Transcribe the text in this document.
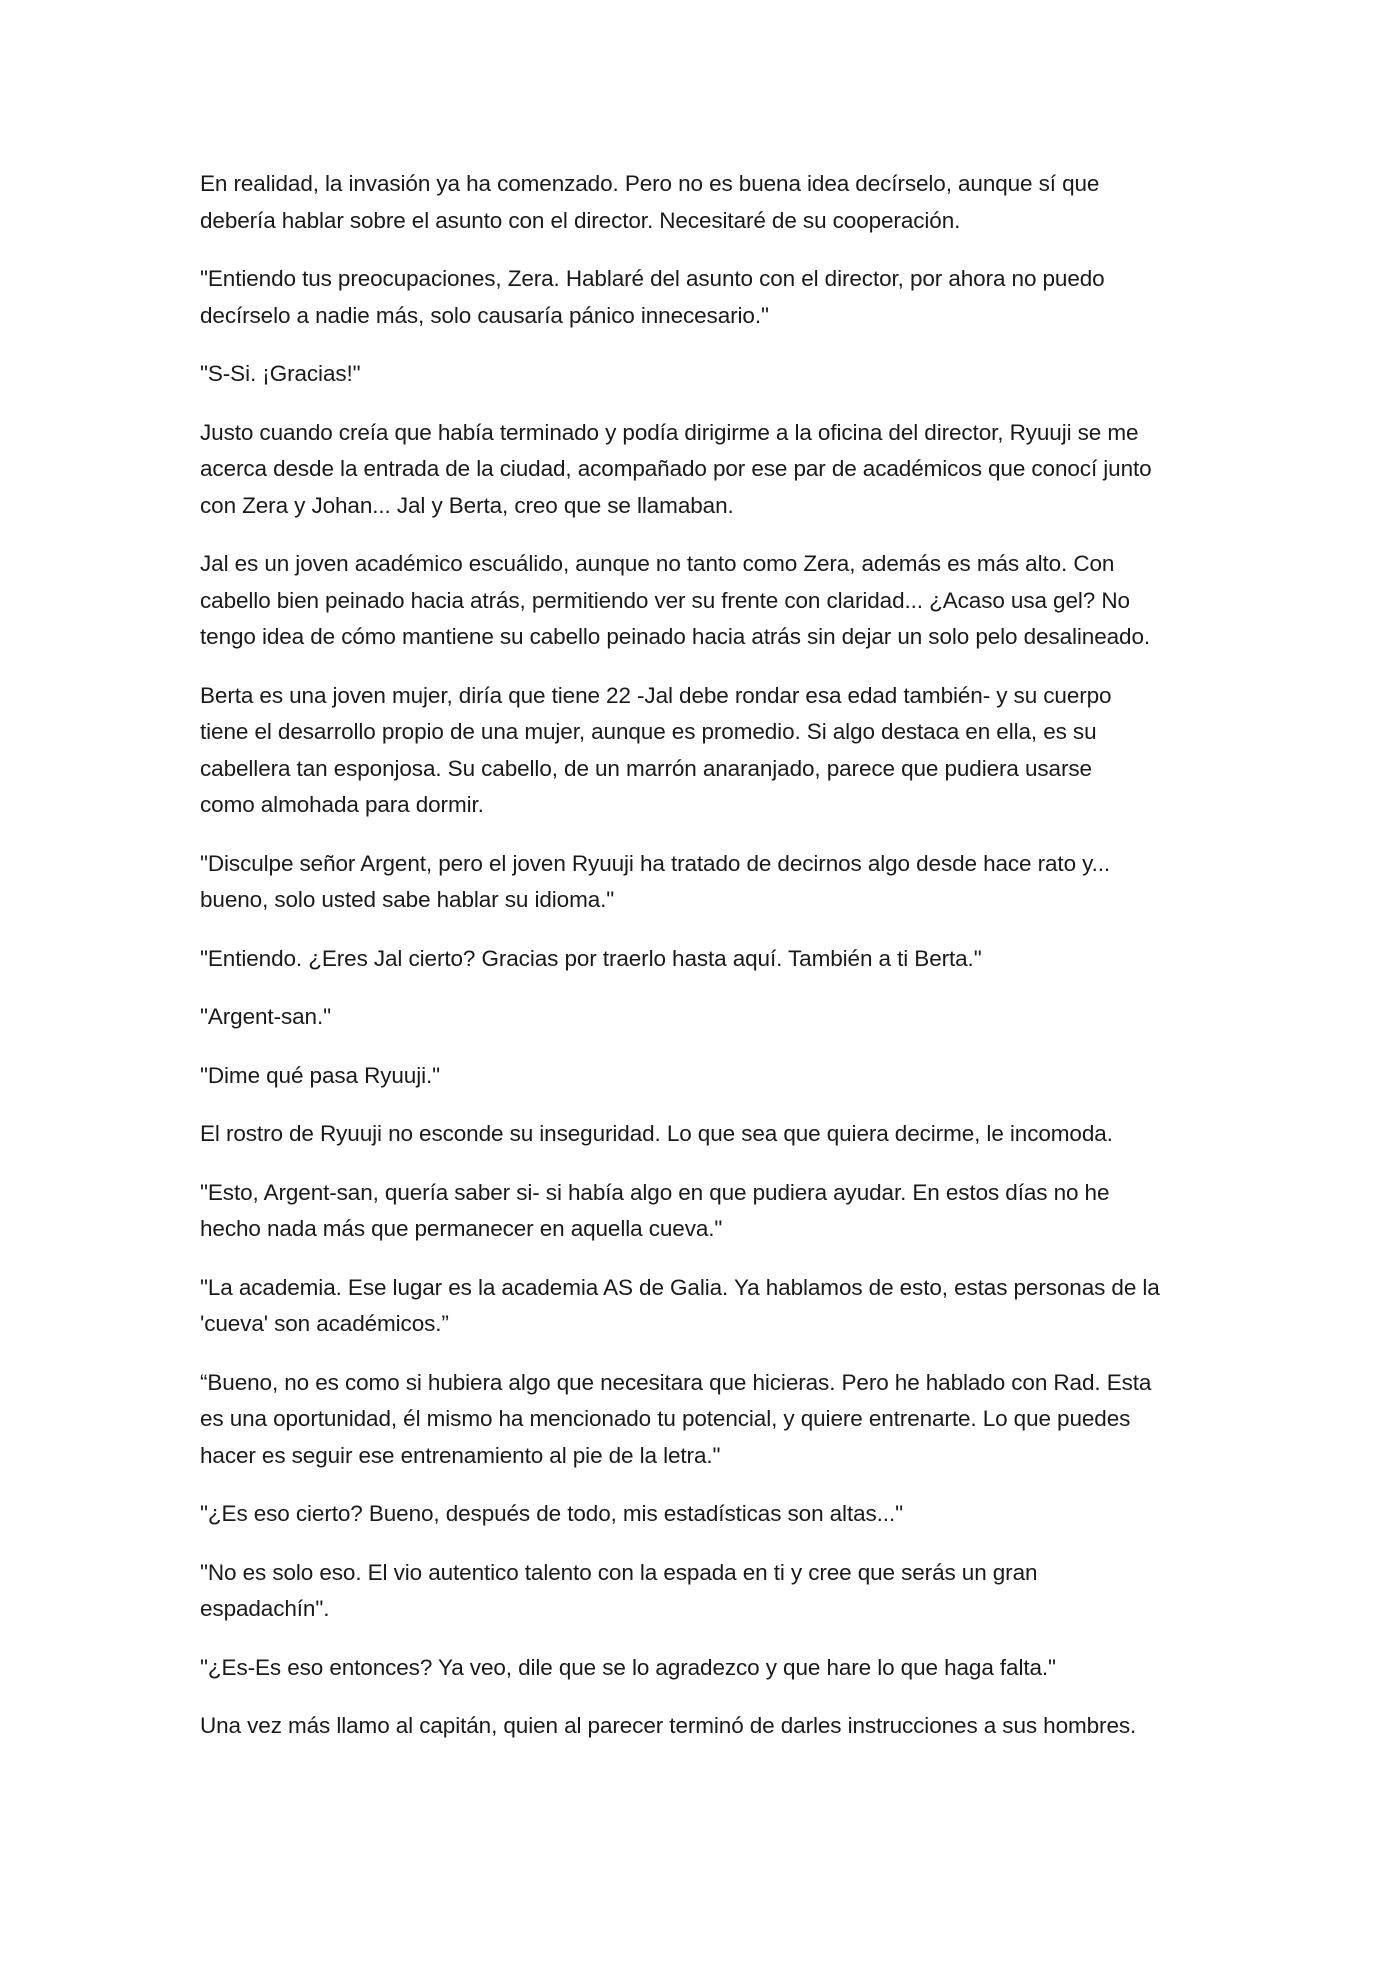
En realidad, la invasión ya ha comenzado. Pero no es buena idea decírselo, aunque sí que
debería hablar sobre el asunto con el director. Necesitaré de su cooperación.

"Entiendo tus preocupaciones, Zera. Hablaré del asunto con el director, por ahora no puedo
decírselo a nadie más, solo causaría pánico innecesario."

"S-Si. ¡Gracias!"

Justo cuando creía que había terminado y podía dirigirme a la oficina del director, Ryuuji se me
acerca desde la entrada de la ciudad, acompañado por ese par de académicos que conocí junto
con Zera y Johan... Jal y Berta, creo que se llamaban.

Jal es un joven académico escuálido, aunque no tanto como Zera, además es más alto. Con
cabello bien peinado hacia atrás, permitiendo ver su frente con claridad... ¿Acaso usa gel? No
tengo idea de cómo mantiene su cabello peinado hacia atrás sin dejar un solo pelo desalineado.

Berta es una joven mujer, diría que tiene 22 -Jal debe rondar esa edad también- y su cuerpo
tiene el desarrollo propio de una mujer, aunque es promedio. Si algo destaca en ella, es su
cabellera tan esponjosa. Su cabello, de un marrón anaranjado, parece que pudiera usarse
como almohada para dormir.

"Disculpe señor Argent, pero el joven Ryuuji ha tratado de decirnos algo desde hace rato y...
bueno, solo usted sabe hablar su idioma."

"Entiendo. ¿Eres Jal cierto? Gracias por traerlo hasta aquí. También a ti Berta."

"Argent-san."

"Dime qué pasa Ryuuji."

El rostro de Ryuuji no esconde su inseguridad. Lo que sea que quiera decirme, le incomoda.

"Esto, Argent-san, quería saber si- si había algo en que pudiera ayudar. En estos días no he
hecho nada más que permanecer en aquella cueva."

"La academia. Ese lugar es la academia AS de Galia. Ya hablamos de esto, estas personas de la
'cueva' son académicos.”

“Bueno, no es como si hubiera algo que necesitara que hicieras. Pero he hablado con Rad. Esta
es una oportunidad, él mismo ha mencionado tu potencial, y quiere entrenarte. Lo que puedes
hacer es seguir ese entrenamiento al pie de la letra."

"¿Es eso cierto? Bueno, después de todo, mis estadísticas son altas..."

"No es solo eso. El vio autentico talento con la espada en ti y cree que serás un gran
espadachín".

"¿Es-Es eso entonces? Ya veo, dile que se lo agradezco y que hare lo que haga falta."

Una vez más llamo al capitán, quien al parecer terminó de darles instrucciones a sus hombres.
